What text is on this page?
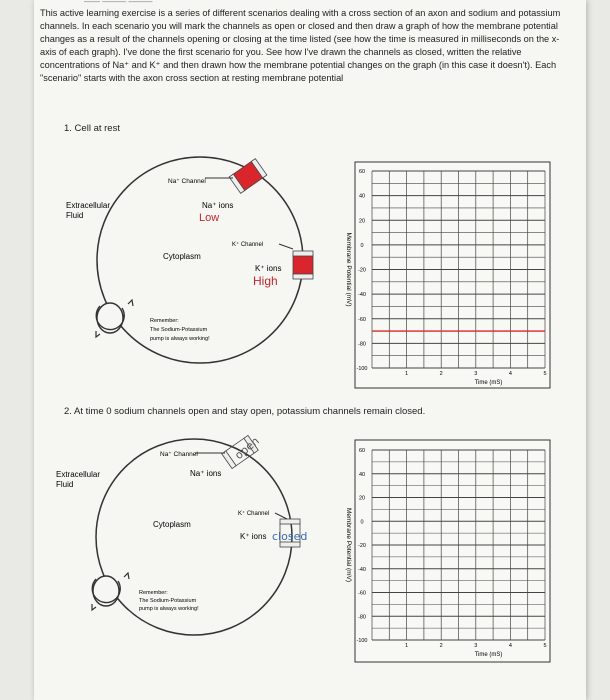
—— ——— ———
This active learning exercise is a series of different scenarios dealing with a cross section of an axon and sodium and potassium channels. In each scenario you will mark the channels as open or closed and then draw a graph of how the membrane potential changes as a result of the channels opening or closing at the time listed (see how the time is measured in milliseconds on the x-axis of each graph). I've done the first scenario for you. See how I've drawn the channels as closed, written the relative concentrations of Na⁺ and K⁺ and then drawn how the membrane potential changes on the graph (in this case it doesn't). Each "scenario" starts with the axon cross section at resting membrane potential
1. Cell at rest
2. At time 0 sodium channels open and stay open, potassium channels remain closed.
Na⁺ Channel
K⁺ Channel
Extracellular
Fluid
Na⁺ ions
Low
Cytoplasm
K⁺ ions
High
Remember:
The Sodium-Potassium
pump is always working!
open
Na⁺ Channel
K⁺ Channel
Extracellular
Fluid
Na⁺ ions
Cytoplasm
K⁺ ions closed
Remember:
The Sodium-Potassium
pump is always working!
60
40
20
0
-20
-40
-60
-80
-100
1	2	3	4	5
Time (mS)
Membrane Potential (mV)
60
40
20
0
-20
-40
-60
-80
-100
1	2	3	4	5
Time (mS)
Membrane Potential (mV)
